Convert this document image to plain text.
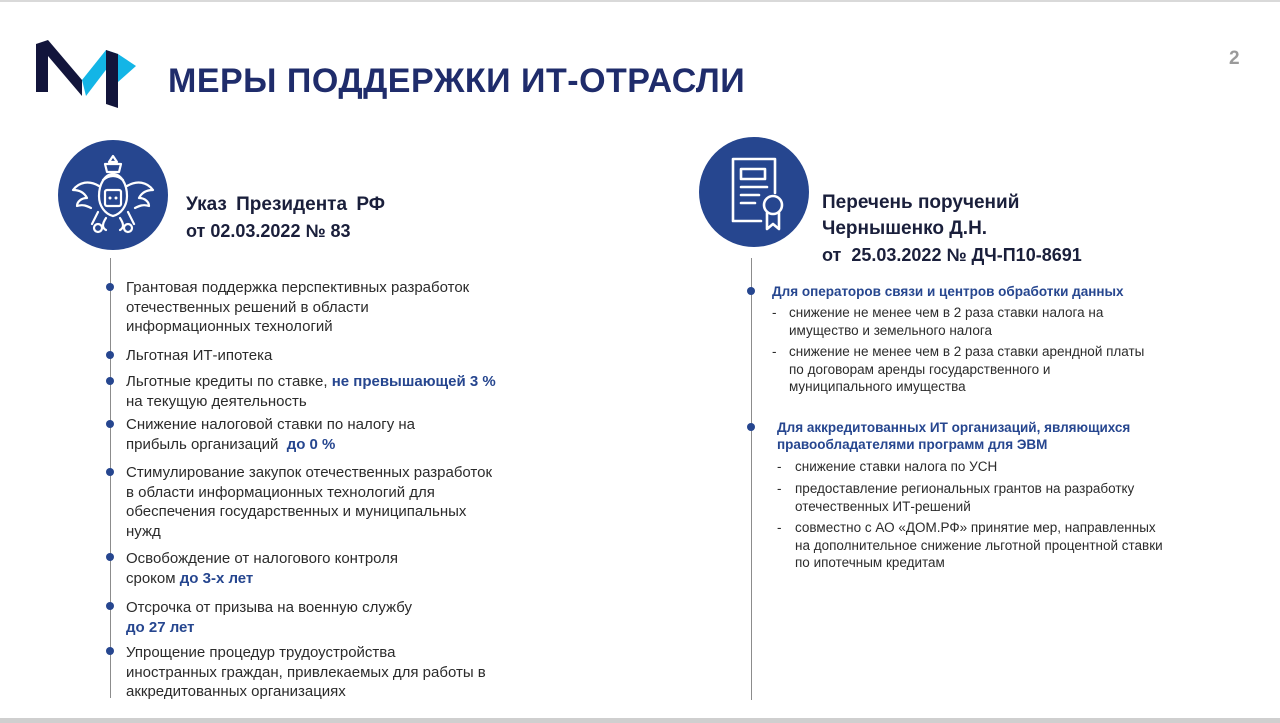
МЕРЫ ПОДДЕРЖКИ ИТ-ОТРАСЛИ
2
Указ Президента РФ
от 02.03.2022 № 83
Грантовая поддержка перспективных разработок
отечественных решений в области
информационных технологий
Льготная ИТ-ипотека
Льготные кредиты по ставке, не превышающей 3 %
на текущую деятельность
Снижение налоговой ставки по налогу на
прибыль организаций  до 0 %
Стимулирование закупок отечественных разработок
в области информационных технологий для
обеспечения государственных и муниципальных
нужд
Освобождение от налогового контроля
сроком до 3-х лет
Отсрочка от призыва на военную службу
до 27 лет
Упрощение процедур трудоустройства
иностранных граждан, привлекаемых для работы в
аккредитованных организациях
Перечень поручений
Чернышенко Д.Н.
от  25.03.2022 № ДЧ-П10-8691
Для операторов связи и центров обработки данных
- снижение не менее чем в 2 раза ставки налога на
имущество и земельного налога
- снижение не менее чем в 2 раза ставки арендной платы
по договорам аренды государственного и
муниципального имущества
Для аккредитованных ИТ организаций, являющихся
правообладателями программ для ЭВМ
- снижение ставки налога по УСН
- предоставление региональных грантов на разработку
отечественных ИТ-решений
- совместно с АО «ДОМ.РФ» принятие мер, направленных
на дополнительное снижение льготной процентной ставки
по ипотечным кредитам
